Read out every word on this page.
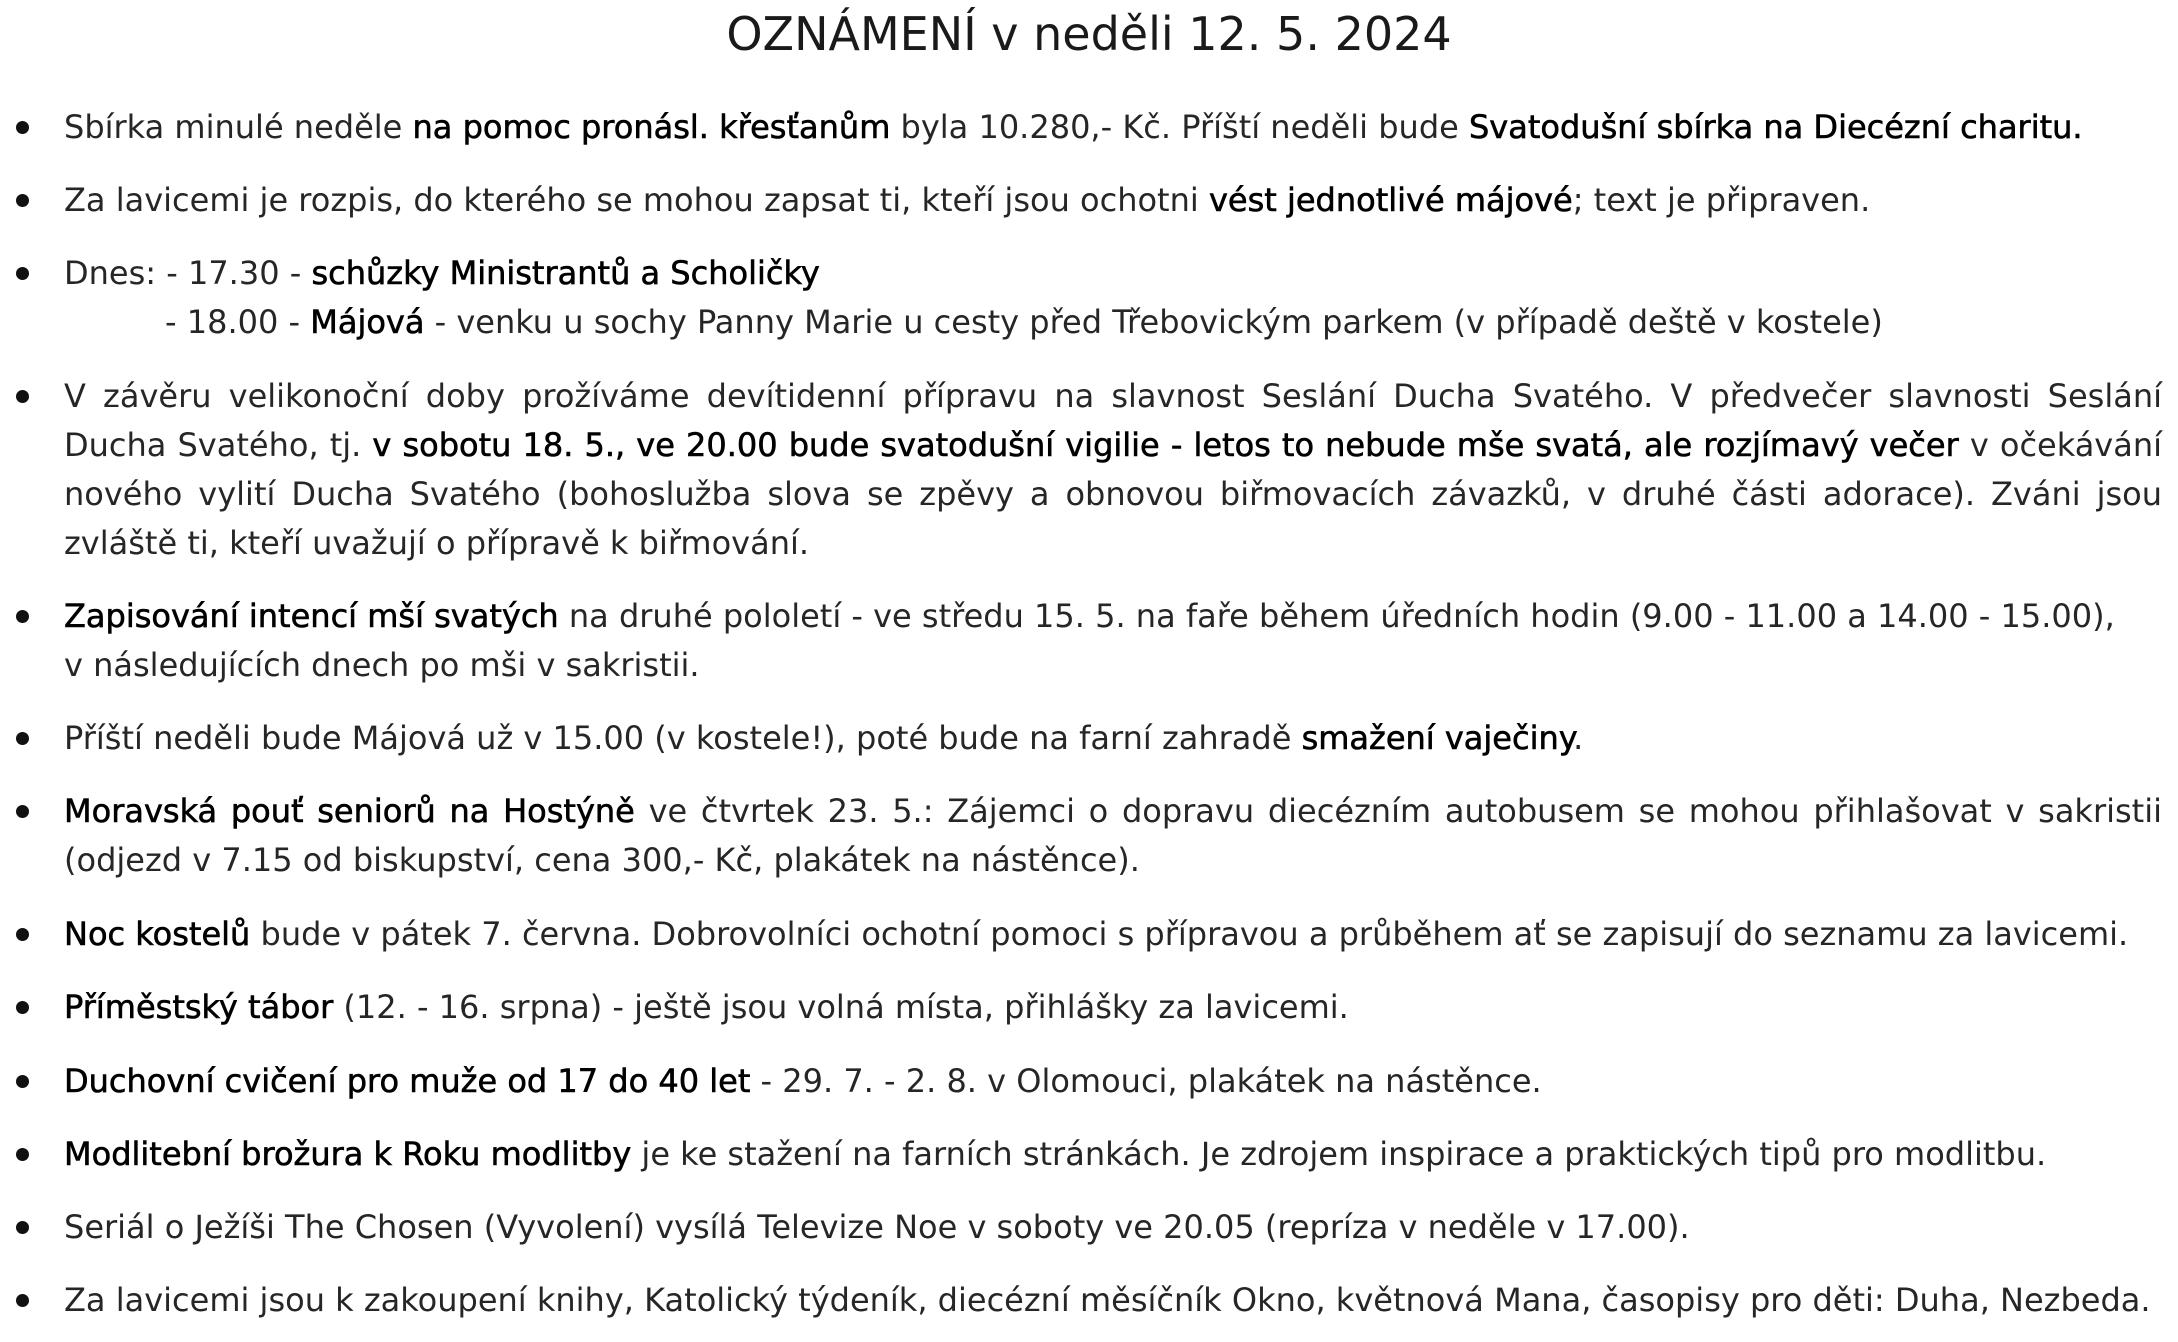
OZNÁMENÍ v neděli 12. 5. 2024
Sbírka minulé neděle na pomoc pronásl. křesťanům byla 10.280,- Kč. Příští neděli bude Svatodušní sbírka na Diecézní charitu.
Za lavicemi je rozpis, do kterého se mohou zapsat ti, kteří jsou ochotni vést jednotlivé májové; text je připraven.
Dnes: - 17.30 - schůzky Ministrantů a Scholičky
- 18.00 - Májová - venku u sochy Panny Marie u cesty před Třebovickým parkem (v případě deště v kostele)
V závěru velikonoční doby prožíváme devítidenní přípravu na slavnost Seslání Ducha Svatého. V předvečer slavnosti Seslání Ducha Svatého, tj. v sobotu 18. 5., ve 20.00 bude svatodušní vigilie - letos to nebude mše svatá, ale rozjímavý večer v očekávání nového vylití Ducha Svatého (bohoslužba slova se zpěvy a obnovou biřmovacích závazků, v druhé části adorace). Zváni jsou zvláště ti, kteří uvažují o přípravě k biřmování.
Zapisování intencí mší svatých na druhé pololetí - ve středu 15. 5. na faře během úředních hodin (9.00 - 11.00 a 14.00 - 15.00),
v následujících dnech po mši v sakristii.
Příští neděli bude Májová už v 15.00 (v kostele!), poté bude na farní zahradě smažení vaječiny.
Moravská pouť seniorů na Hostýně ve čtvrtek 23. 5.: Zájemci o dopravu diecézním autobusem se mohou přihlašovat v sakristii (odjezd v 7.15 od biskupství, cena 300,- Kč, plakátek na nástěnce).
Noc kostelů bude v pátek 7. června. Dobrovolníci ochotní pomoci s přípravou a průběhem ať se zapisují do seznamu za lavicemi.
Příměstský tábor (12. - 16. srpna) - ještě jsou volná místa, přihlášky za lavicemi.
Duchovní cvičení pro muže od 17 do 40 let - 29. 7. - 2. 8. v Olomouci, plakátek na nástěnce.
Modlitební brožura k Roku modlitby je ke stažení na farních stránkách. Je zdrojem inspirace a praktických tipů pro modlitbu.
Seriál o Ježíši The Chosen (Vyvolení) vysílá Televize Noe v soboty ve 20.05 (repríza v neděle v 17.00).
Za lavicemi jsou k zakoupení knihy, Katolický týdeník, diecézní měsíčník Okno, květnová Mana, časopisy pro děti: Duha, Nezbeda.
